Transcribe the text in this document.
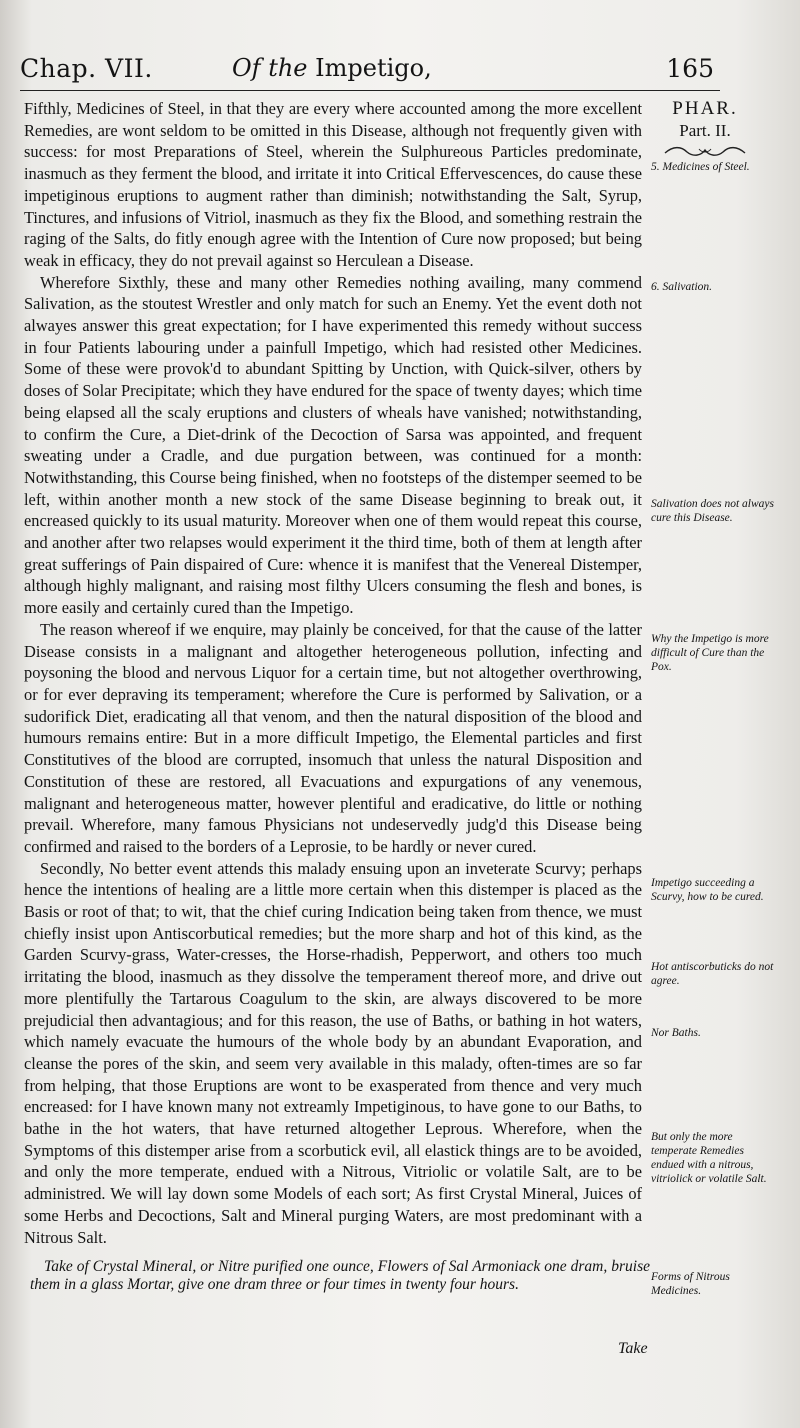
Chap. VII.	Of the Impetigo,	165
PHAR.
Part. II.

Fifthly, Medicines of Steel, in that they are every where accounted among the more excellent Remedies, are wont seldom to be omitted in this Disease, although not frequently given with success: for most Preparations of Steel, wherein the Sulphureous Particles predominate, inasmuch as they ferment the blood, and irritate it into Critical Effervescences, do cause these impetiginous eruptions to augment rather than diminish; notwithstanding the Salt, Syrup, Tinctures, and infusions of Vitriol, inasmuch as they fix the Blood, and something restrain the raging of the Salts, do fitly enough agree with the Intention of Cure now proposed; but being weak in efficacy, they do not prevail against so Herculean a Disease.

Wherefore Sixthly, these and many other Remedies nothing availing, many commend Salivation, as the stoutest Wrestler and only match for such an Enemy. Yet the event doth not alwayes answer this great expectation; for I have experimented this remedy without success in four Patients labouring under a painfull Impetigo, which had resisted other Medicines. Some of these were provok'd to abundant Spitting by Unction, with Quick-silver, others by doses of Solar Precipitate; which they have endured for the space of twenty dayes; which time being elapsed all the scaly eruptions and clusters of wheals have vanished; notwithstanding, to confirm the Cure, a Diet-drink of the Decoction of Sarsa was appointed, and frequent sweating under a Cradle, and due purgation between, was continued for a month: Notwithstanding, this Course being finished, when no footsteps of the distemper seemed to be left, within another month a new stock of the same Disease beginning to break out, it encreased quickly to its usual maturity. Moreover when one of them would repeat this course, and another after two relapses would experiment it the third time, both of them at length after great sufferings of Pain dispaired of Cure: whence it is manifest that the Venereal Distemper, although highly malignant, and raising most filthy Ulcers consuming the flesh and bones, is more easily and certainly cured than the Impetigo.

The reason whereof if we enquire, may plainly be conceived, for that the cause of the latter Disease consists in a malignant and altogether heterogeneous pollution, infecting and poysoning the blood and nervous Liquor for a certain time, but not altogether overthrowing, or for ever depraving its temperament; wherefore the Cure is performed by Salivation, or a sudorifick Diet, eradicating all that venom, and then the natural disposition of the blood and humours remains entire: But in a more difficult Impetigo, the Elemental particles and first Constitutives of the blood are corrupted, insomuch that unless the natural Disposition and Constitution of these are restored, all Evacuations and expurgations of any venemous, malignant and heterogeneous matter, however plentiful and eradicative, do little or nothing prevail. Wherefore, many famous Physicians not undeservedly judg'd this Disease being confirmed and raised to the borders of a Leprosie, to be hardly or never cured.

Secondly, No better event attends this malady ensuing upon an inveterate Scurvy; perhaps hence the intentions of healing are a little more certain when this distemper is placed as the Basis or root of that; to wit, that the chief curing Indication being taken from thence, we must chiefly insist upon Antiscorbutical remedies; but the more sharp and hot of this kind, as the Garden Scurvy-grass, Water-cresses, the Horse-rhadish, Pepperwort, and others too much irritating the blood, inasmuch as they dissolve the temperament thereof more, and drive out more plentifully the Tartarous Coagulum to the skin, are always discovered to be more prejudicial then advantagious; and for this reason, the use of Baths, or bathing in hot waters, which namely evacuate the humours of the whole body by an abundant Evaporation, and cleanse the pores of the skin, and seem very available in this malady, often-times are so far from helping, that those Eruptions are wont to be exasperated from thence and very much encreased: for I have known many not extreamly Impetiginous, to have gone to our Baths, to bathe in the hot waters, that have returned altogether Leprous. Wherefore, when the Symptoms of this distemper arise from a scorbutick evil, all elastick things are to be avoided, and only the more temperate, endued with a Nitrous, Vitriolic or volatile Salt, are to be administred. We will lay down some Models of each sort; As first Crystal Mineral, Juices of some Herbs and Decoctions, Salt and Mineral purging Waters, are most predominant with a Nitrous Salt.

Take of Crystal Mineral, or Nitre purified one ounce, Flowers of Sal Armoniack one dram, bruise them in a glass Mortar, give one dram three or four times in twenty four hours.
5. Medicines of Steel.
6. Salivation.
Salivation does not always cure this Disease.
Why the Impetigo is more difficult of Cure than the Pox.
Impetigo succeeding a Scurvy, how to be cured.
Hot antiscorbuticks do not agree.
Nor Baths.
But only the more temperate Remedies endued with a nitrous, vitriolick or volatile Salt.
Forms of Nitrous Medicines.
Take
